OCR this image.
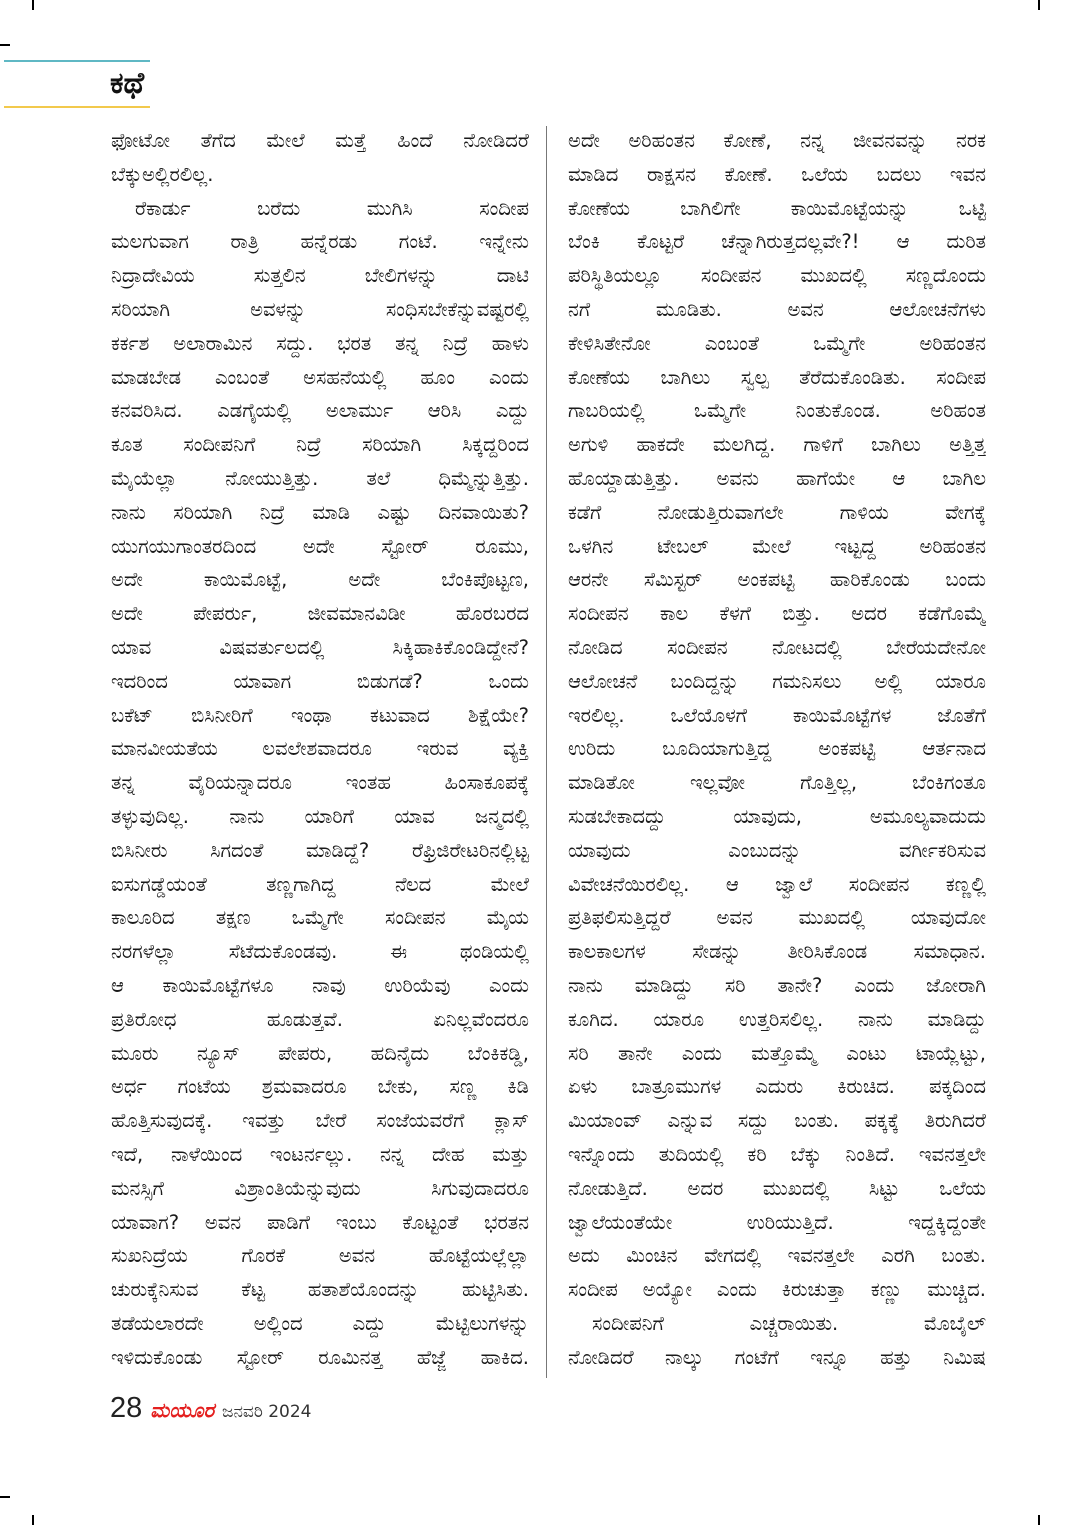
ಕಥೆ
ಫೋಟೋ ತೆಗೆದ ಮೇಲೆ ಮತ್ತೆ ಹಿಂದೆ ನೋಡಿದರೆ
ಬೆಕ್ಕು ಅಲ್ಲಿರಲಿಲ್ಲ.
ರೆಕಾರ್ಡು	ಬರೆದು	ಮುಗಿಸಿ	ಸಂದೀಪ
ಮಲಗುವಾಗ ರಾತ್ರಿ ಹನ್ನೆರಡು ಗಂಟೆ. ಇನ್ನೇನು
ನಿದ್ರಾದೇವಿಯ	ಸುತ್ತಲಿನ	ಬೇಲಿಗಳನ್ನು	ದಾಟಿ
ಸರಿಯಾಗಿ	ಅವಳನ್ನು	ಸಂಧಿಸಬೇಕೆನ್ನುವಷ್ಟರಲ್ಲಿ
ಕರ್ಕಶ ಅಲಾರಾಮಿನ ಸದ್ದು. ಭರತ ತನ್ನ ನಿದ್ರೆ ಹಾಳು
ಮಾಡಬೇಡ ಎಂಬಂತೆ ಅಸಹನೆಯಲ್ಲಿ ಹೂಂ ಎಂದು
ಕನವರಿಸಿದ. ಎಡಗೈಯಲ್ಲಿ ಅಲಾರ್ಮು ಆರಿಸಿ ಎದ್ದು
ಕೂತ ಸಂದೀಪನಿಗೆ ನಿದ್ರೆ ಸರಿಯಾಗಿ ಸಿಕ್ಕದ್ದರಿಂದ
ಮೈಯೆಲ್ಲಾ ನೋಯುತ್ತಿತ್ತು. ತಲೆ ಧಿಮ್ಮೆನ್ನುತ್ತಿತ್ತು.
ನಾನು ಸರಿಯಾಗಿ ನಿದ್ರೆ ಮಾಡಿ ಎಷ್ಟು ದಿನವಾಯಿತು?
ಯುಗಯುಗಾಂತರದಿಂದ ಅದೇ ಸ್ಟೋರ್ ರೂಮು,
ಅದೇ	ಕಾಯಿಮೊಟ್ಟೆ,	ಅದೇ	ಬೆಂಕಿಪೊಟ್ಟಣ,
ಅದೇ	ಪೇಪರ್ರು,	ಜೀವಮಾನವಿಡೀ	ಹೊರಬರದ
ಯಾವ	ವಿಷವರ್ತುಲದಲ್ಲಿ	ಸಿಕ್ಕಿಹಾಕಿಕೊಂಡಿದ್ದೇನೆ?
ಇದರಿಂದ	ಯಾವಾಗ	ಬಿಡುಗಡೆ?	ಒಂದು
ಬಕೆಟ್ ಬಿಸಿನೀರಿಗೆ ಇಂಥಾ ಕಟುವಾದ ಶಿಕ್ಷೆಯೇ?
ಮಾನವೀಯತೆಯ ಲವಲೇಶವಾದರೂ ಇರುವ ವ್ಯಕ್ತಿ
ತನ್ನ	ವೈರಿಯನ್ನಾದರೂ	ಇಂತಹ	ಹಿಂಸಾಕೂಪಕ್ಕೆ
ತಳ್ಳುವುದಿಲ್ಲ. ನಾನು ಯಾರಿಗೆ ಯಾವ ಜನ್ಮದಲ್ಲಿ
ಬಿಸಿನೀರು ಸಿಗದಂತೆ ಮಾಡಿದ್ದೆ? ರೆಫ್ರಿಜಿರೇಟರಿನಲ್ಲಿಟ್ಟ
ಐಸುಗಡ್ಡೆಯಂತೆ	ತಣ್ಣಗಾಗಿದ್ದ	ನೆಲದ	ಮೇಲೆ
ಕಾಲೂರಿದ ತಕ್ಷಣ ಒಮ್ಮೆಗೇ ಸಂದೀಪನ ಮೈಯ
ನರಗಳೆಲ್ಲಾ	ಸೆಟೆದುಕೊಂಡವು.	ಈ	ಥಂಡಿಯಲ್ಲಿ
ಆ ಕಾಯಿಮೊಟ್ಟೆಗಳೂ ನಾವು ಉರಿಯೆವು ಎಂದು
ಪ್ರತಿರೋಧ	ಹೂಡುತ್ತವೆ.	ಏನಿಲ್ಲವೆಂದರೂ
ಮೂರು ನ್ಯೂಸ್ ಪೇಪರು, ಹದಿನೈದು ಬೆಂಕಿಕಡ್ಡಿ,
ಅರ್ಧ ಗಂಟೆಯ ಶ್ರಮವಾದರೂ ಬೇಕು, ಸಣ್ಣ ಕಿಡಿ
ಹೊತ್ತಿಸುವುದಕ್ಕೆ. ಇವತ್ತು ಬೇರೆ ಸಂಜೆಯವರೆಗೆ ಕ್ಲಾಸ್
ಇದೆ, ನಾಳೆಯಿಂದ ಇಂಟರ್ನಲ್ಲು. ನನ್ನ ದೇಹ ಮತ್ತು
ಮನಸ್ಸಿಗೆ	ವಿಶ್ರಾಂತಿಯೆನ್ನುವುದು	ಸಿಗುವುದಾದರೂ
ಯಾವಾಗ? ಅವನ ಪಾಡಿಗೆ ಇಂಬು ಕೊಟ್ಟಂತೆ ಭರತನ
ಸುಖನಿದ್ರೆಯ	ಗೊರಕೆ	ಅವನ	ಹೊಟ್ಟೆಯಲ್ಲೆಲ್ಲಾ
ಚುರುಕ್ಕೆನಿಸುವ ಕೆಟ್ಟ ಹತಾಶೆಯೊಂದನ್ನು ಹುಟ್ಟಿಸಿತು.
ತಡೆಯಲಾರದೇ	ಅಲ್ಲಿಂದ	ಎದ್ದು	ಮೆಟ್ಟಿಲುಗಳನ್ನು
ಇಳಿದುಕೊಂಡು ಸ್ಟೋರ್ ರೂಮಿನತ್ತ ಹೆಜ್ಜೆ ಹಾಕಿದ.
ಅದೇ ಅರಿಹಂತನ ಕೋಣೆ, ನನ್ನ ಜೀವನವನ್ನು ನರಕ
ಮಾಡಿದ ರಾಕ್ಷಸನ ಕೋಣೆ. ಒಲೆಯ ಬದಲು ಇವನ
ಕೋಣೆಯ	ಬಾಗಿಲಿಗೇ	ಕಾಯಿಮೊಟ್ಟೆಯನ್ನು	ಒಟ್ಟಿ
ಬೆಂಕಿ ಕೊಟ್ಟರೆ ಚೆನ್ನಾಗಿರುತ್ತದಲ್ಲವೇ?! ಆ ದುರಿತ
ಪರಿಸ್ಥಿತಿಯಲ್ಲೂ ಸಂದೀಪನ ಮುಖದಲ್ಲಿ ಸಣ್ಣದೊಂದು
ನಗೆ	ಮೂಡಿತು.	ಅವನ	ಆಲೋಚನೆಗಳು
ಕೇಳಿಸಿತೇನೋ	ಎಂಬಂತೆ	ಒಮ್ಮೆಗೇ	ಅರಿಹಂತನ
ಕೋಣೆಯ ಬಾಗಿಲು ಸ್ವಲ್ಪ ತೆರೆದುಕೊಂಡಿತು. ಸಂದೀಪ
ಗಾಬರಿಯಲ್ಲಿ	ಒಮ್ಮೆಗೇ	ನಿಂತುಕೊಂಡ.	ಅರಿಹಂತ
ಅಗುಳಿ ಹಾಕದೇ ಮಲಗಿದ್ದ. ಗಾಳಿಗೆ ಬಾಗಿಲು ಅತ್ತಿತ್ತ
ಹೊಯ್ದಾಡುತ್ತಿತ್ತು. ಅವನು ಹಾಗೆಯೇ ಆ ಬಾಗಿಲ
ಕಡೆಗೆ	ನೋಡುತ್ತಿರುವಾಗಲೇ	ಗಾಳಿಯ	ವೇಗಕ್ಕೆ
ಒಳಗಿನ ಟೇಬಲ್ ಮೇಲೆ ಇಟ್ಟದ್ದ ಅರಿಹಂತನ
ಆರನೇ ಸೆಮಿಸ್ಟರ್ ಅಂಕಪಟ್ಟಿ ಹಾರಿಕೊಂಡು ಬಂದು
ಸಂದೀಪನ ಕಾಲ ಕೆಳಗೆ ಬಿತ್ತು. ಅದರ ಕಡೆಗೊಮ್ಮೆ
ನೋಡಿದ ಸಂದೀಪನ ನೋಟದಲ್ಲಿ ಬೇರೆಯದೇನೋ
ಆಲೋಚನೆ ಬಂದಿದ್ದನ್ನು ಗಮನಿಸಲು ಅಲ್ಲಿ ಯಾರೂ
ಇರಲಿಲ್ಲ. ಒಲೆಯೊಳಗೆ ಕಾಯಿಮೊಟ್ಟೆಗಳ ಜೊತೆಗೆ
ಉರಿದು ಬೂದಿಯಾಗುತ್ತಿದ್ದ ಅಂಕಪಟ್ಟಿ ಆರ್ತನಾದ
ಮಾಡಿತೋ	ಇಲ್ಲವೋ	ಗೊತ್ತಿಲ್ಲ,	ಬೆಂಕಿಗಂತೂ
ಸುಡಬೇಕಾದದ್ದು	ಯಾವುದು,	ಅಮೂಲ್ಯವಾದುದು
ಯಾವುದು	ಎಂಬುದನ್ನು	ವರ್ಗೀಕರಿಸುವ
ವಿವೇಚನೆಯಿರಲಿಲ್ಲ. ಆ ಜ್ವಾಲೆ ಸಂದೀಪನ ಕಣ್ಣಲ್ಲಿ
ಪ್ರತಿಫಲಿಸುತ್ತಿದ್ದರೆ ಅವನ ಮುಖದಲ್ಲಿ ಯಾವುದೋ
ಕಾಲಕಾಲಗಳ ಸೇಡನ್ನು ತೀರಿಸಿಕೊಂಡ ಸಮಾಧಾನ.
ನಾನು ಮಾಡಿದ್ದು ಸರಿ ತಾನೇ? ಎಂದು ಜೋರಾಗಿ
ಕೂಗಿದ. ಯಾರೂ ಉತ್ತರಿಸಲಿಲ್ಲ. ನಾನು ಮಾಡಿದ್ದು
ಸರಿ ತಾನೇ ಎಂದು ಮತ್ತೊಮ್ಮೆ ಎಂಟು ಟಾಯ್ಲೆಟ್ಟು,
ಏಳು ಬಾತ್ರೂಮುಗಳ ಎದುರು ಕಿರುಚಿದ. ಪಕ್ಕದಿಂದ
ಮಿಯಾಂವ್ ಎನ್ನುವ ಸದ್ದು ಬಂತು. ಪಕ್ಕಕ್ಕೆ ತಿರುಗಿದರೆ
ಇನ್ನೊಂದು ತುದಿಯಲ್ಲಿ ಕರಿ ಬೆಕ್ಕು ನಿಂತಿದೆ. ಇವನತ್ತಲೇ
ನೋಡುತ್ತಿದೆ. ಅದರ ಮುಖದಲ್ಲಿ ಸಿಟ್ಟು ಒಲೆಯ
ಜ್ವಾಲೆಯಂತೆಯೇ	ಉರಿಯುತ್ತಿದೆ.	ಇದ್ದಕ್ಕಿದ್ದಂತೇ
ಅದು ಮಿಂಚಿನ ವೇಗದಲ್ಲಿ ಇವನತ್ತಲೇ ಎರಗಿ ಬಂತು.
ಸಂದೀಪ ಅಯ್ಯೋ ಎಂದು ಕಿರುಚುತ್ತಾ ಕಣ್ಣು ಮುಚ್ಚಿದ.
ಸಂದೀಪನಿಗೆ	ಎಚ್ಚರಾಯಿತು.	ಮೊಬೈಲ್
ನೋಡಿದರೆ ನಾಲ್ಕು ಗಂಟೆಗೆ ಇನ್ನೂ ಹತ್ತು ನಿಮಿಷ
28 ಮಯೂರ ಜನವರಿ 2024
